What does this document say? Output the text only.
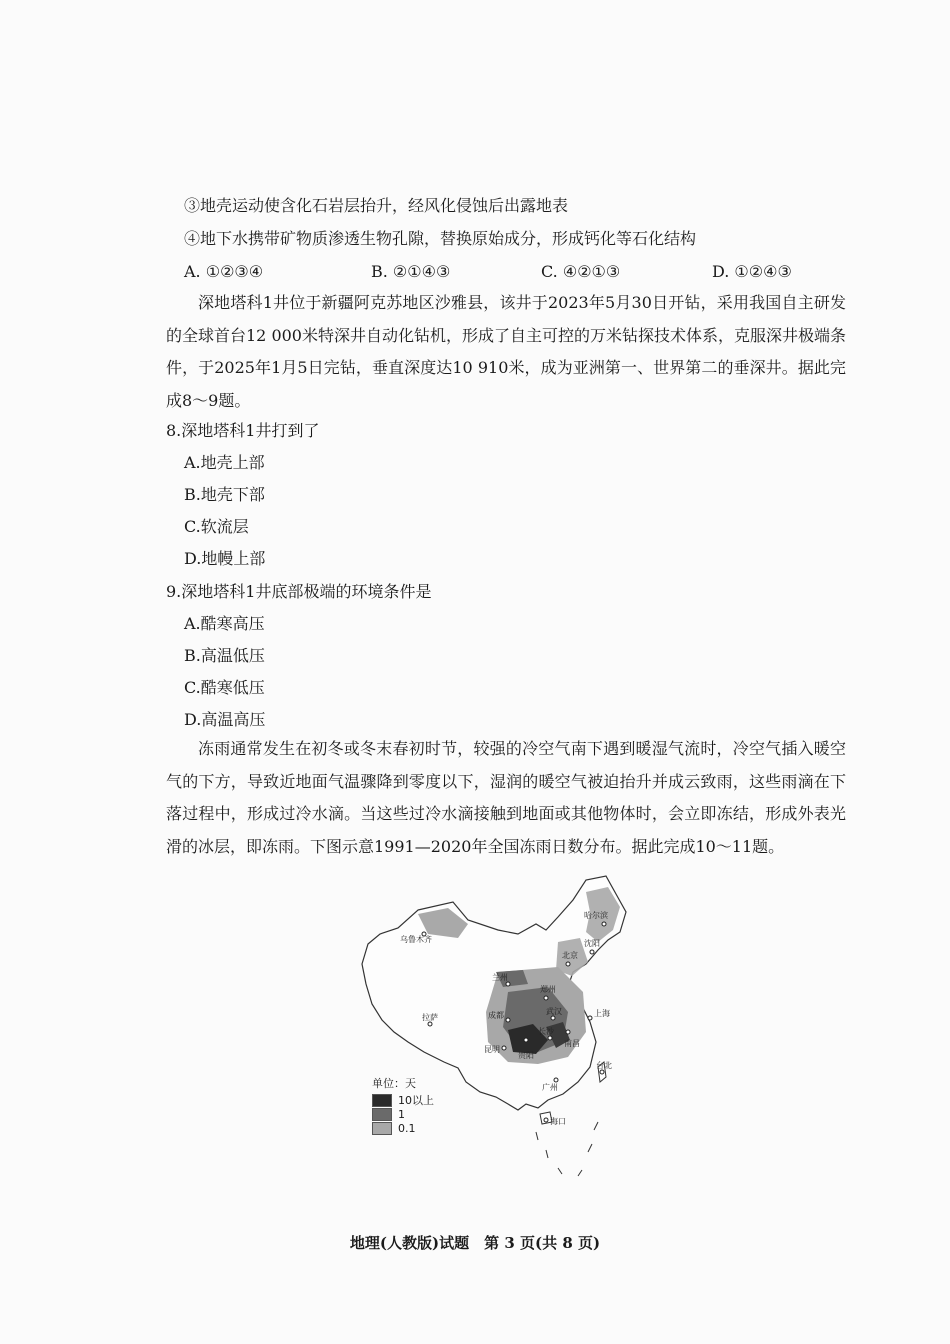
③地壳运动使含化石岩层抬升，经风化侵蚀后出露地表
④地下水携带矿物质渗透生物孔隙，替换原始成分，形成钙化等石化结构
A. ①②③④	B. ②①④③	C. ④②①③	D. ①②④③
深地塔科1井位于新疆阿克苏地区沙雅县，该井于2023年5月30日开钻，采用我国自主研发的全球首台12 000米特深井自动化钻机，形成了自主可控的万米钻探技术体系，克服深井极端条件，于2025年1月5日完钻，垂直深度达10 910米，成为亚洲第一、世界第二的垂深井。据此完成8～9题。
8.深地塔科1井打到了
A.地壳上部
B.地壳下部
C.软流层
D.地幔上部
9.深地塔科1井底部极端的环境条件是
A.酷寒高压
B.高温低压
C.酷寒低压
D.高温高压
冻雨通常发生在初冬或冬末春初时节，较强的冷空气南下遇到暖湿气流时，冷空气插入暖空气的下方，导致近地面气温骤降到零度以下，湿润的暖空气被迫抬升并成云致雨，这些雨滴在下落过程中，形成过冷水滴。当这些过冷水滴接触到地面或其他物体时，会立即冻结，形成外表光滑的冰层，即冻雨。下图示意1991—2020年全国冻雨日数分布。据此完成10～11题。
哈尔滨
乌鲁木齐
北京
沈阳
兰州
郑州
拉萨	成都	武汉	上海
长沙
南昌
贵阳
昆明
台北
广州
海口
单位：天
10以上
1
0.1
地理(人教版)试题　第 3 页(共 8 页)
